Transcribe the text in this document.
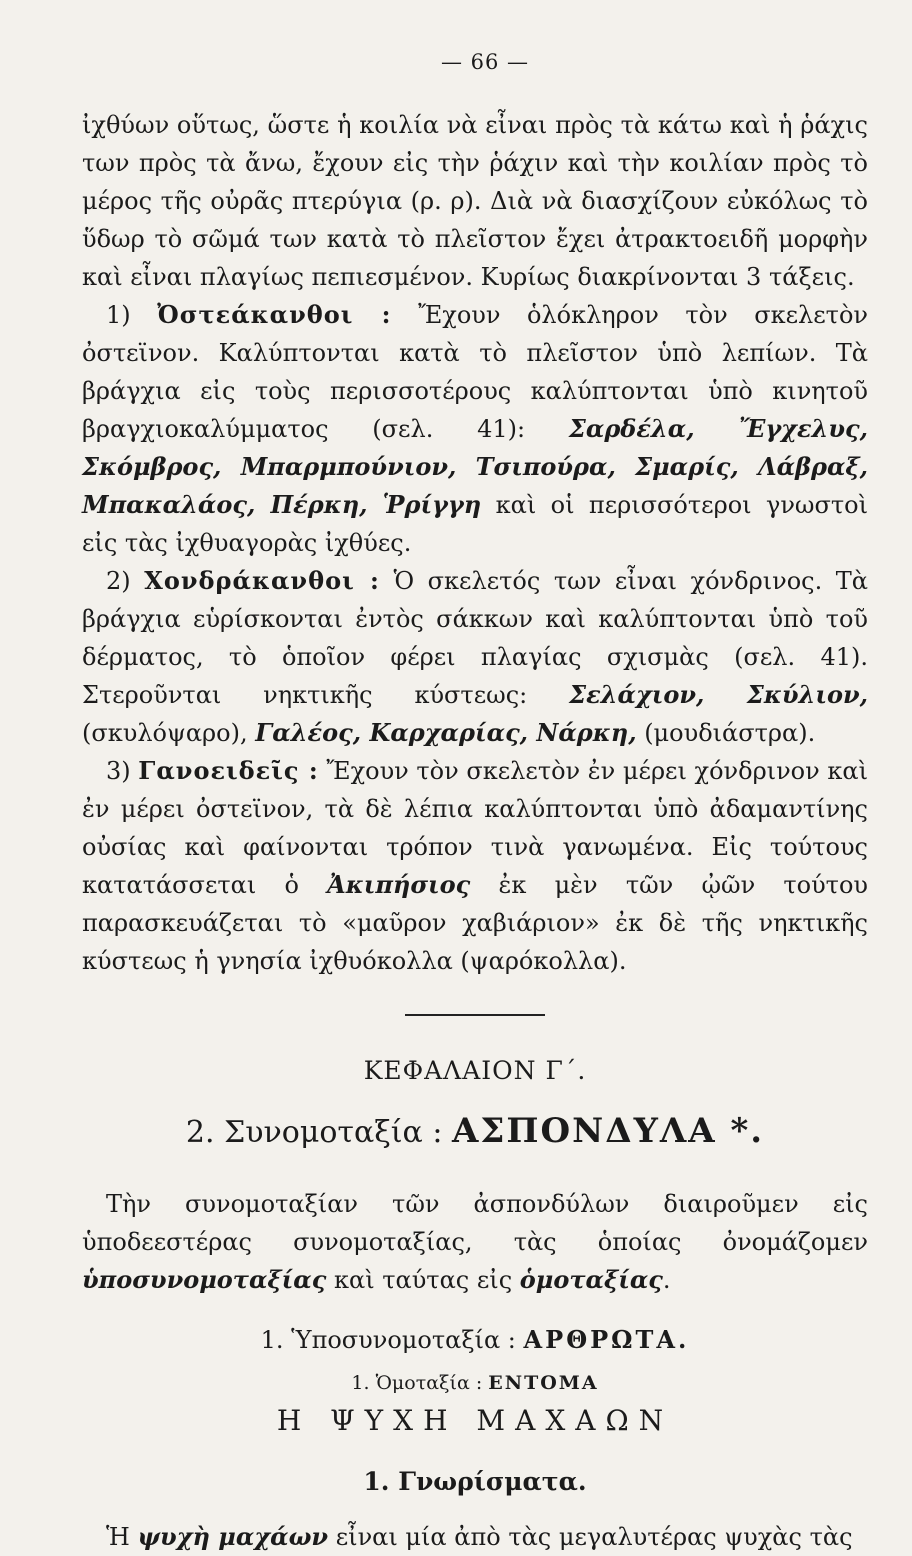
— 66 —

ἰχθύων οὕτως, ὥστε ἡ κοιλία νὰ εἶναι πρὸς τὰ κάτω καὶ ἡ ῥάχις των πρὸς τὰ ἄνω, ἔχουν εἰς τὴν ῥάχιν καὶ τὴν κοιλίαν πρὸς τὸ μέρος τῆς οὐρᾶς πτερύγια (ρ. ρ). Διὰ νὰ διασχίζουν εὐκόλως τὸ ὕδωρ τὸ σῶμά των κατὰ τὸ πλεῖστον ἔχει ἀτρακτοειδῆ μορφὴν καὶ εἶναι πλαγίως πεπιεσμένον. Κυρίως διακρίνονται 3 τάξεις.

1) Ὀστεάκανθοι : Ἔχουν ὁλόκληρον τὸν σκελετὸν ὀστεϊνον. Καλύπτονται κατὰ τὸ πλεῖστον ὑπὸ λεπίων. Τὰ βράγχια εἰς τοὺς περισσοτέρους καλύπτονται ὑπὸ κινητοῦ βραγχιοκαλύμματος (σελ. 41): Σαρδέλα, Ἔγχελυς, Σκόμβρος, Μπαρμπούνιον, Τσιπούρα, Σμαρίς, Λάβραξ, Μπακαλάος, Πέρκη, Ῥρίγγη καὶ οἱ περισσότεροι γνωστοὶ εἰς τὰς ἰχθυαγορὰς ἰχθύες.

2) Χονδράκανθοι : Ὁ σκελετός των εἶναι χόνδρινος. Τὰ βράγχια εὑρίσκονται ἐντὸς σάκκων καὶ καλύπτονται ὑπὸ τοῦ δέρματος, τὸ ὁποῖον φέρει πλαγίας σχισμὰς (σελ. 41). Στεροῦνται νηκτικῆς κύστεως: Σελάχιον, Σκύλιον, (σκυλόψαρο), Γαλέος, Καρχαρίας, Νάρκη, (μουδιάστρα).

3) Γανοειδεῖς : Ἔχουν τὸν σκελετὸν ἐν μέρει χόνδρινον καὶ ἐν μέρει ὀστεϊνον, τὰ δὲ λέπια καλύπτονται ὑπὸ ἀδαμαντίνης οὐσίας καὶ φαίνονται τρόπον τινὰ γανωμένα. Εἰς τούτους κατατάσσεται ὁ Ἀκιπήσιος ἐκ μὲν τῶν ᾠῶν τούτου παρασκευάζεται τὸ «μαῦρον χαβιάριον» ἐκ δὲ τῆς νηκτικῆς κύστεως ἡ γνησία ἰχθυόκολλα (ψαρόκολλα).

ΚΕΦΑΛΑΙΟΝ Γ΄.
2. Συνομοταξία : ΑΣΠΟΝΔΥΛΑ *.

Τὴν συνομοταξίαν τῶν ἀσπονδύλων διαιροῦμεν εἰς ὑποδεεστέρας συνομοταξίας, τὰς ὁποίας ὀνομάζομεν ὑποσυνομοταξίας καὶ ταύτας εἰς ὁμοταξίας.

1. Ὑποσυνομοταξία : ΑΡΘΡΩΤΑ.
1. Ὁμοταξία : ΕΝΤΟΜΑ
Η ΨΥΧΗ ΜΑΧΑΩΝ
1. Γνωρίσματα.

Ἡ ψυχὴ μαχάων εἶναι μία ἀπὸ τὰς μεγαλυτέρας ψυχὰς τὰς
